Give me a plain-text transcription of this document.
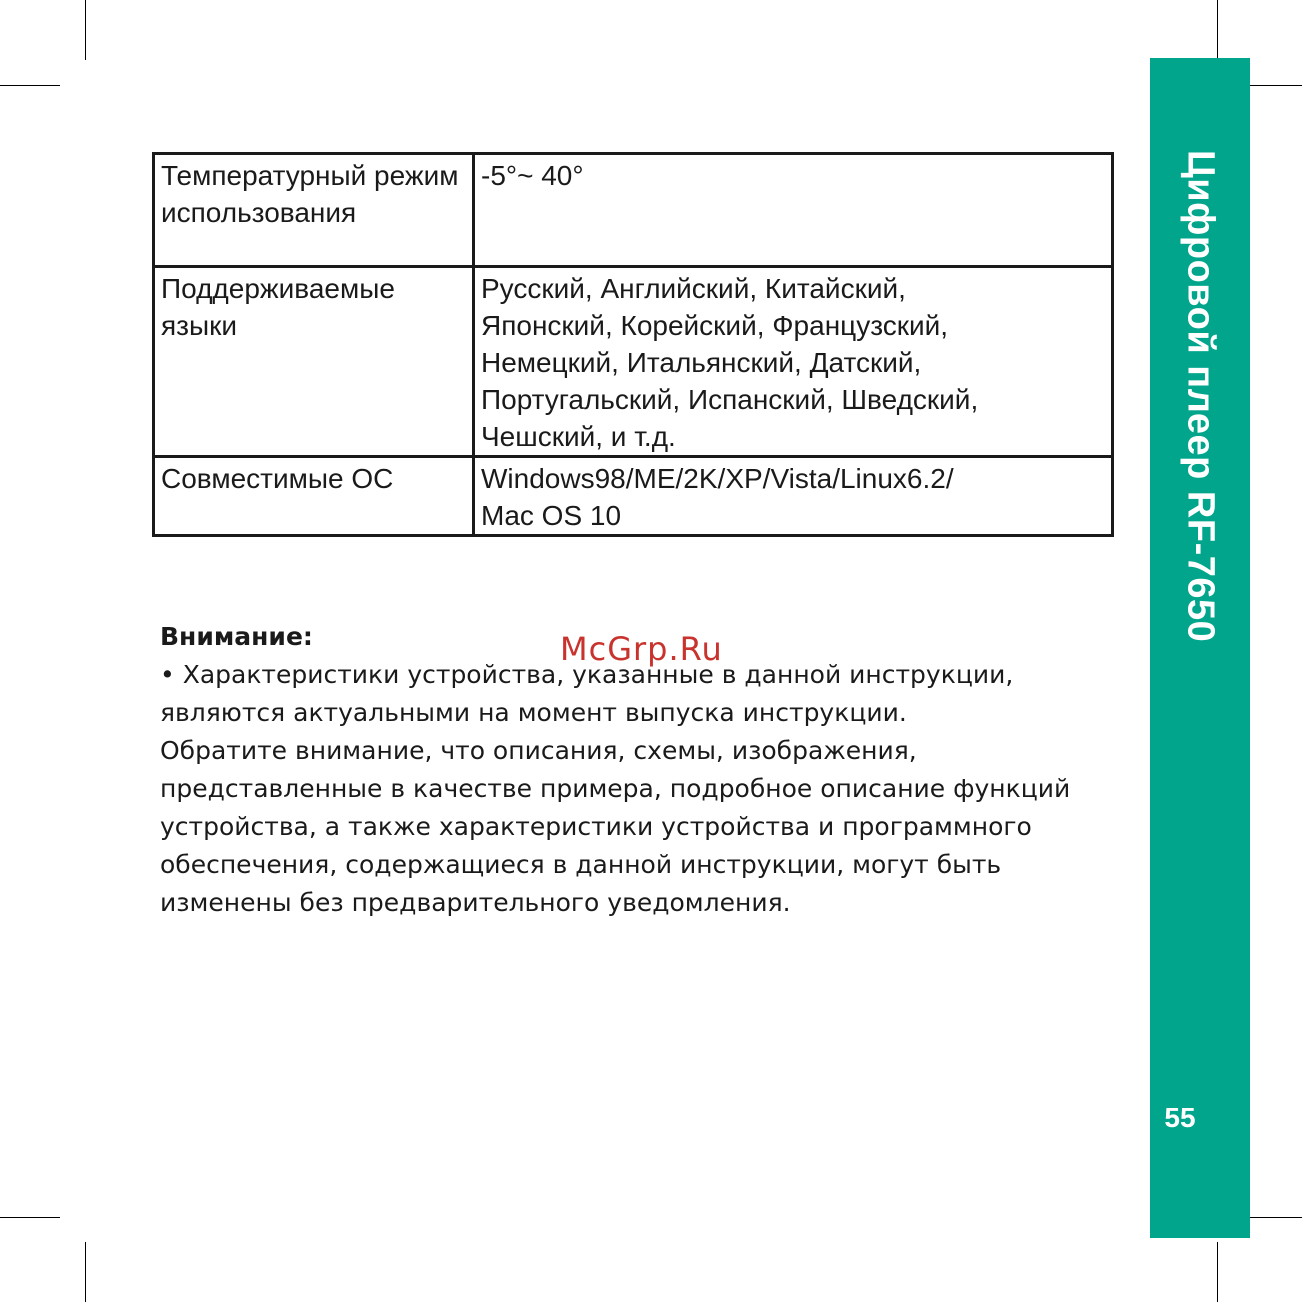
Цифровой плеер RF-7650
55
Температурный режим использования	-5°~ 40°
Поддерживаемые языки	Русский, Английский, Китайский,
Японский, Корейский, Французский,
Немецкий, Итальянский, Датский,
Португальский, Испанский, Шведский,
Чешский, и т.д.
Совместимые ОС	Windows98/ME/2K/XP/Vista/Linux6.2/
Mac OS 10
Внимание:
• Характеристики устройства, указанные в данной инструкции,
являются актуальными на момент выпуска инструкции.
Обратите внимание, что описания, схемы, изображения,
представленные в качестве примера, подробное описание функций
устройства, а также характеристики устройства и программного
обеспечения, содержащиеся в данной инструкции, могут быть
изменены без предварительного уведомления.
McGrp.Ru
